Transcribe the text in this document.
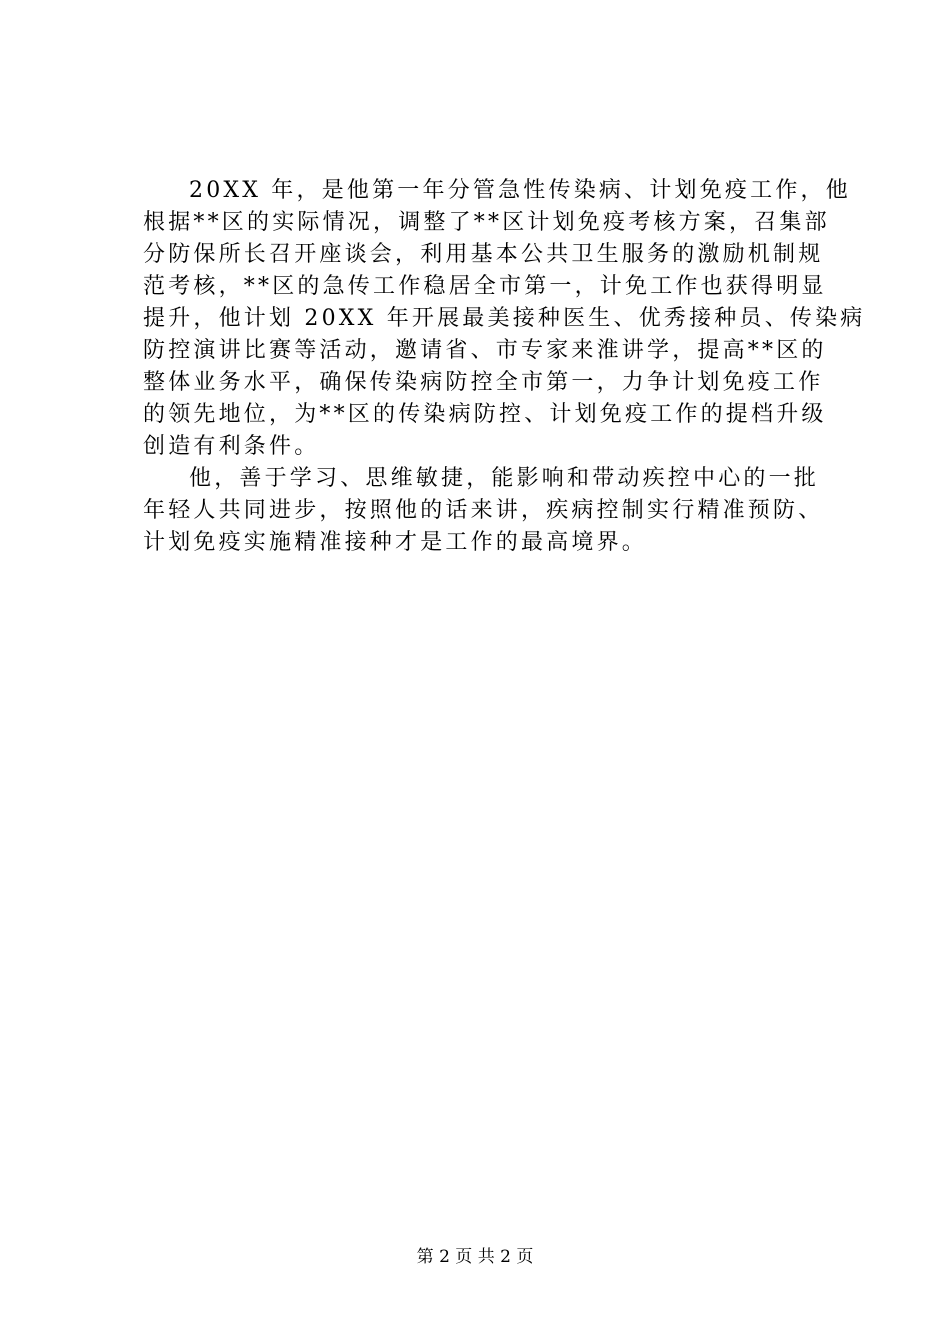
20XX 年，是他第一年分管急性传染病、计划免疫工作，他
根据**区的实际情况，调整了**区计划免疫考核方案，召集部
分防保所长召开座谈会，利用基本公共卫生服务的激励机制规
范考核，**区的急传工作稳居全市第一，计免工作也获得明显
提升，他计划 20XX 年开展最美接种医生、优秀接种员、传染病
防控演讲比赛等活动，邀请省、市专家来淮讲学，提高**区的
整体业务水平，确保传染病防控全市第一，力争计划免疫工作
的领先地位，为**区的传染病防控、计划免疫工作的提档升级
创造有利条件。
他，善于学习、思维敏捷，能影响和带动疾控中心的一批
年轻人共同进步，按照他的话来讲，疾病控制实行精准预防、
计划免疫实施精准接种才是工作的最高境界。
第 2 页 共 2 页
